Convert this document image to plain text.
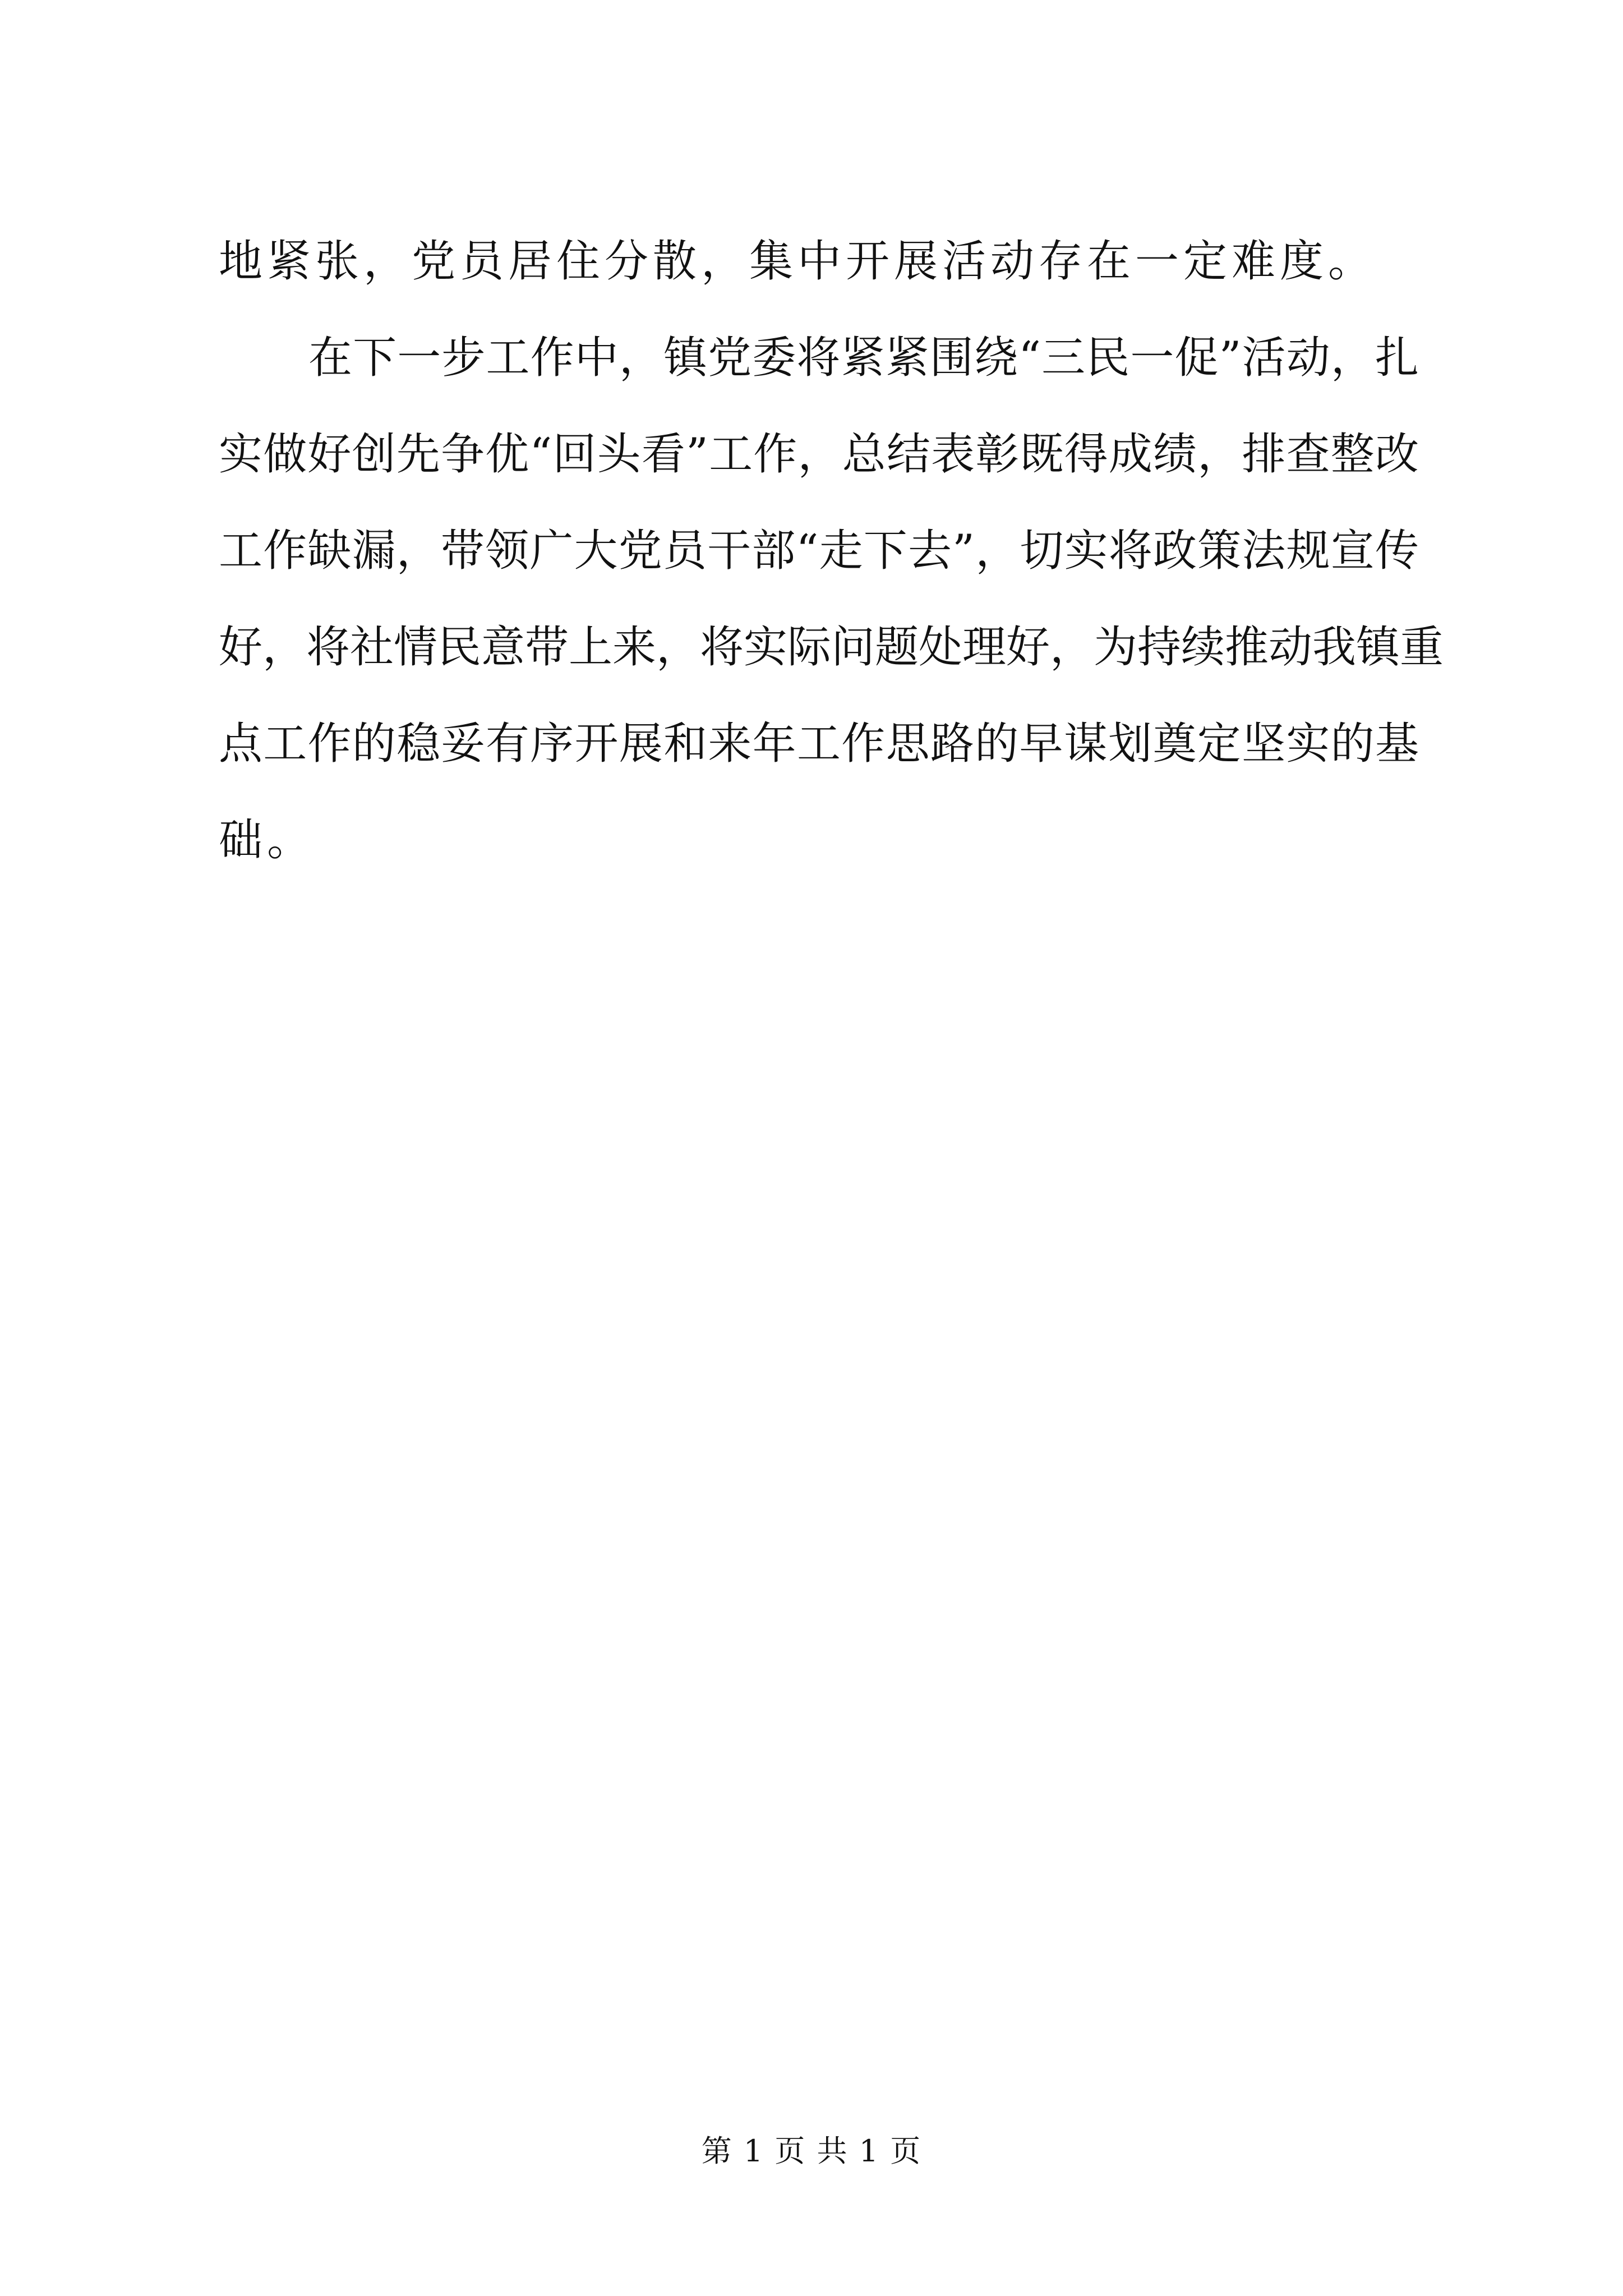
地紧张，党员居住分散，集中开展活动存在一定难度。
在下一步工作中，镇党委将紧紧围绕“三民一促”活动，扎
实做好创先争优“回头看”工作，总结表彰既得成绩，排查整改
工作缺漏，带领广大党员干部“走下去”，切实将政策法规宣传
好，将社情民意带上来，将实际问题处理好，为持续推动我镇重
点工作的稳妥有序开展和来年工作思路的早谋划奠定坚实的基
础。
第 1 页 共 1 页
